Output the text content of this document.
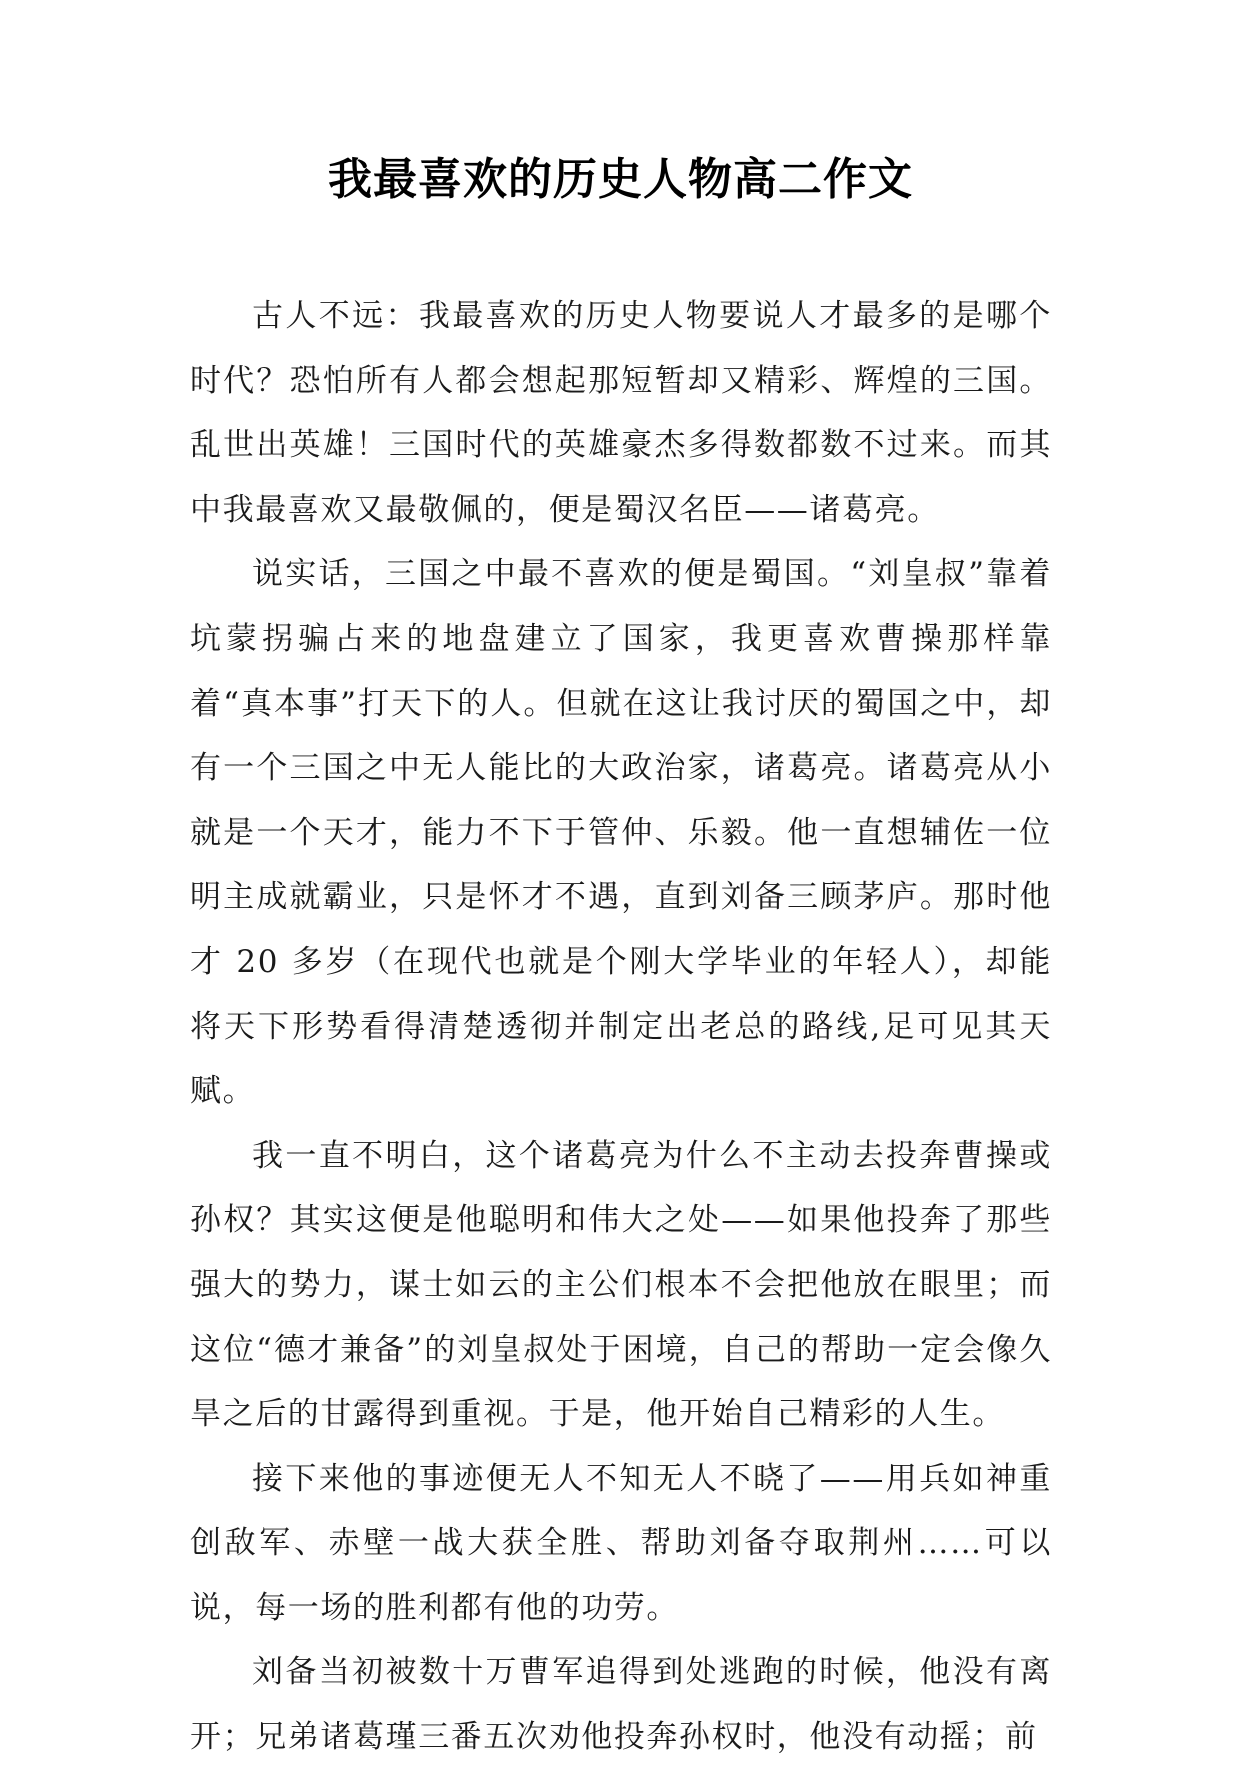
我最喜欢的历史人物高二作文

古人不远：我最喜欢的历史人物要说人才最多的是哪个时代？恐怕所有人都会想起那短暂却又精彩、辉煌的三国。乱世出英雄！三国时代的英雄豪杰多得数都数不过来。而其中我最喜欢又最敬佩的，便是蜀汉名臣——诸葛亮。

说实话，三国之中最不喜欢的便是蜀国。“刘皇叔”靠着坑蒙拐骗占来的地盘建立了国家，我更喜欢曹操那样靠着“真本事”打天下的人。但就在这让我讨厌的蜀国之中，却有一个三国之中无人能比的大政治家，诸葛亮。诸葛亮从小就是一个天才，能力不下于管仲、乐毅。他一直想辅佐一位明主成就霸业，只是怀才不遇，直到刘备三顾茅庐。那时他才 20 多岁（在现代也就是个刚大学毕业的年轻人），却能将天下形势看得清楚透彻并制定出老总的路线,足可见其天赋。

我一直不明白，这个诸葛亮为什么不主动去投奔曹操或孙权？其实这便是他聪明和伟大之处——如果他投奔了那些强大的势力，谋士如云的主公们根本不会把他放在眼里；而这位“德才兼备”的刘皇叔处于困境，自己的帮助一定会像久旱之后的甘露得到重视。于是，他开始自己精彩的人生。

接下来他的事迹便无人不知无人不晓了——用兵如神重创敌军、赤壁一战大获全胜、帮助刘备夺取荆州……可以说，每一场的胜利都有他的功劳。

刘备当初被数十万曹军追得到处逃跑的时候，他没有离开；兄弟诸葛瑾三番五次劝他投奔孙权时，他没有动摇；前
